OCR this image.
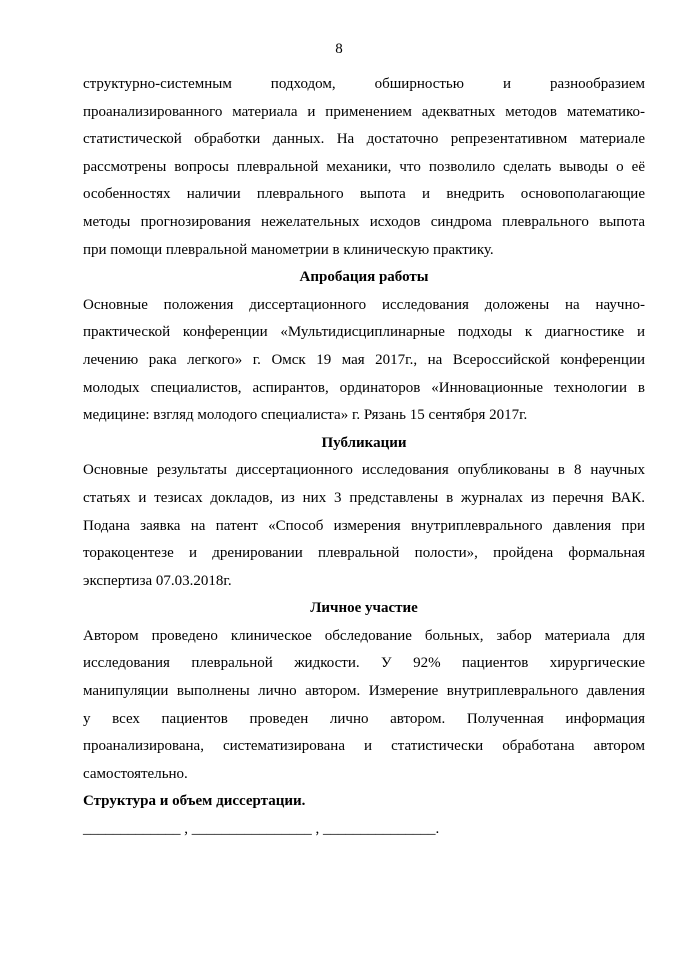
8
структурно-системным подходом, обширностью и разнообразием
проанализированного материала и применением адекватных методов математико-
статистической обработки данных. На достаточно репрезентативном материале
рассмотрены вопросы плевральной механики, что позволило сделать выводы о её
особенностях наличии плеврального выпота и внедрить основополагающие
методы прогнозирования нежелательных исходов синдрома плеврального выпота
при помощи плевральной манометрии в клиническую практику.
Апробация работы
Основные положения диссертационного исследования доложены на научно-
практической конференции «Мультидисциплинарные подходы к диагностике и
лечению рака легкого» г. Омск 19 мая 2017г., на Всероссийской конференции
молодых специалистов, аспирантов, ординаторов «Инновационные технологии в
медицине: взгляд молодого специалиста» г. Рязань 15 сентября 2017г.
Публикации
Основные результаты диссертационного исследования опубликованы в 8 научных
статьях и тезисах докладов, из них 3 представлены в журналах из перечня ВАК.
Подана заявка на патент «Способ измерения внутриплеврального давления при
торакоцентезе и дренировании плевральной полости», пройдена формальная
экспертиза 07.03.2018г.
Личное участие
Автором проведено клиническое обследование больных, забор материала для
исследования плевральной жидкости. У 92% пациентов хирургические
манипуляции выполнены лично автором. Измерение внутриплеврального давления
у всех пациентов проведен лично автором. Полученная информация
проанализирована, систематизирована и статистически обработана автором
самостоятельно.
Структура и объем диссертации.
_____________ , ________________ , _______________.
